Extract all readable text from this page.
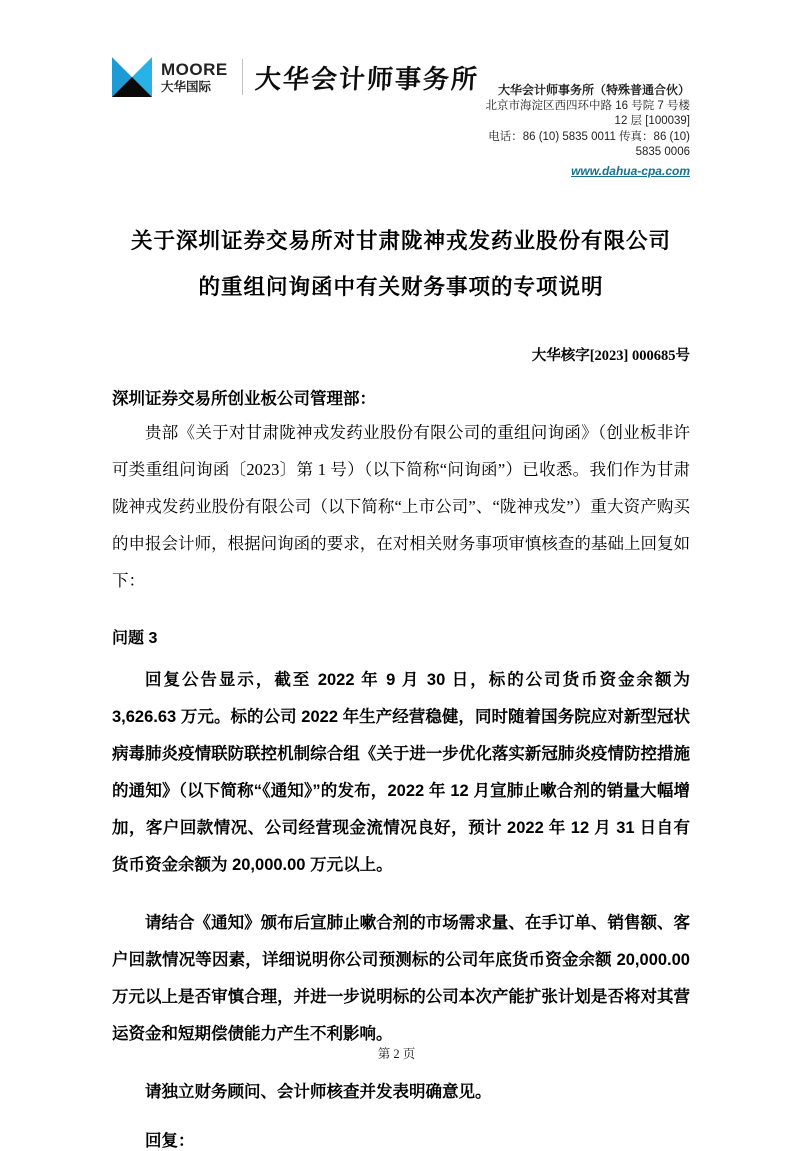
MOORE
大华国际	大华会计师事务所	大华会计师事务所（特殊普通合伙）
北京市海淀区西四环中路 16 号院 7 号楼 12 层 [100039]
电话：86 (10) 5835 0011 传真：86 (10) 5835 0006
www.dahua-cpa.com
关于深圳证券交易所对甘肃陇神戎发药业股份有限公司
的重组问询函中有关财务事项的专项说明
大华核字[2023] 000685号
深圳证券交易所创业板公司管理部：

贵部《关于对甘肃陇神戎发药业股份有限公司的重组问询函》（创业板非许可类重组问询函〔2023〕第 1 号）（以下简称“问询函”）已收悉。我们作为甘肃陇神戎发药业股份有限公司（以下简称“上市公司”、“陇神戎发”）重大资产购买的申报会计师，根据问询函的要求，在对相关财务事项审慎核查的基础上回复如下：

问题 3

回复公告显示，截至 2022 年 9 月 30 日，标的公司货币资金余额为 3,626.63 万元。标的公司 2022 年生产经营稳健，同时随着国务院应对新型冠状病毒肺炎疫情联防联控机制综合组《关于进一步优化落实新冠肺炎疫情防控措施的通知》（以下简称“《通知》”的发布，2022 年 12 月宣肺止嗽合剂的销量大幅增加，客户回款情况、公司经营现金流情况良好，预计 2022 年 12 月 31 日自有货币资金余额为 20,000.00 万元以上。

请结合《通知》颁布后宣肺止嗽合剂的市场需求量、在手订单、销售额、客户回款情况等因素，详细说明你公司预测标的公司年底货币资金余额 20,000.00 万元以上是否审慎合理，并进一步说明标的公司本次产能扩张计划是否将对其营运资金和短期偿债能力产生不利影响。

请独立财务顾问、会计师核查并发表明确意见。

回复：
第 2 页
